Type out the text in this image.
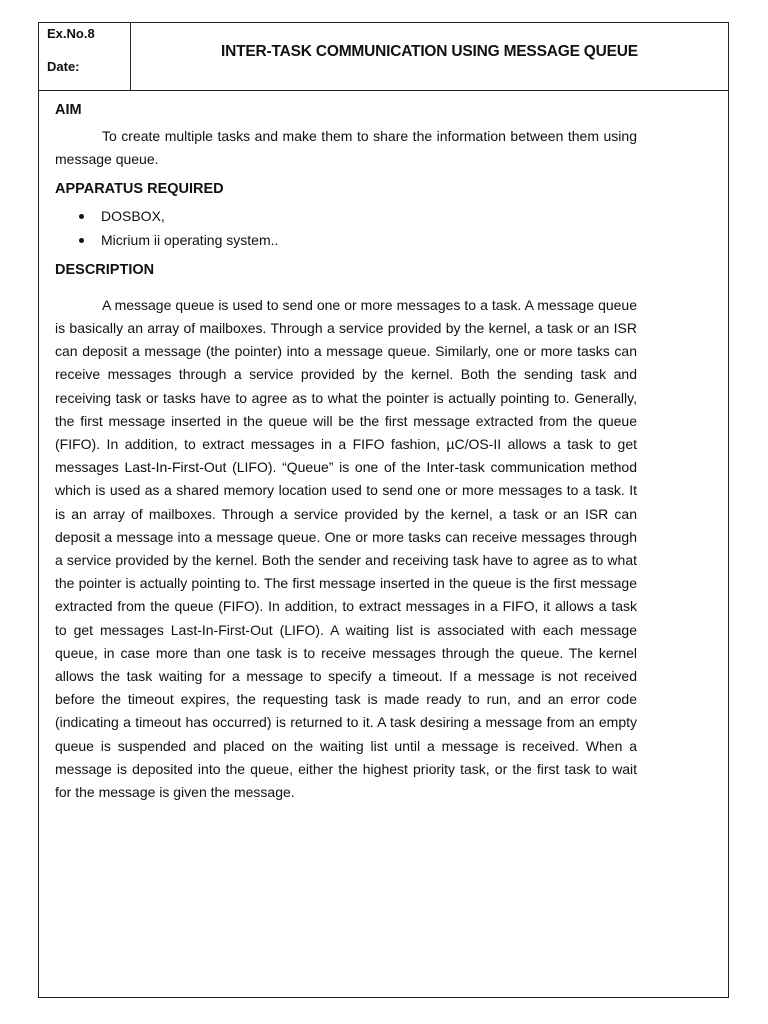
Ex.No.8
Date:
INTER-TASK COMMUNICATION USING MESSAGE QUEUE
AIM

To create multiple tasks and make them to share the information between them using message queue.

APPARATUS REQUIRED
DOSBOX,
Micrium ii operating system..
DESCRIPTION

A message queue is used to send one or more messages to a task. A message queue is basically an array of mailboxes. Through a service provided by the kernel, a task or an ISR can deposit a message (the pointer) into a message queue. Similarly, one or more tasks can receive messages through a service provided by the kernel. Both the sending task and receiving task or tasks have to agree as to what the pointer is actually pointing to. Generally, the first message inserted in the queue will be the first message extracted from the queue (FIFO). In addition, to extract messages in a FIFO fashion, µC/OS-II allows a task to get messages Last-In-First-Out (LIFO). “Queue” is one of the Inter-task communication method which is used as a shared memory location used to send one or more messages to a task. It is an array of mailboxes. Through a service provided by the kernel, a task or an ISR can deposit a message into a message queue. One or more tasks can receive messages through a service provided by the kernel. Both the sender and receiving task have to agree as to what the pointer is actually pointing to. The first message inserted in the queue is the first message extracted from the queue (FIFO). In addition, to extract messages in a FIFO, it allows a task to get messages Last-In-First-Out (LIFO). A waiting list is associated with each message queue, in case more than one task is to receive messages through the queue. The kernel allows the task waiting for a message to specify a timeout. If a message is not received before the timeout expires, the requesting task is made ready to run, and an error code (indicating a timeout has occurred) is returned to it. A task desiring a message from an empty queue is suspended and placed on the waiting list until a message is received. When a message is deposited into the queue, either the highest priority task, or the first task to wait for the message is given the message.
